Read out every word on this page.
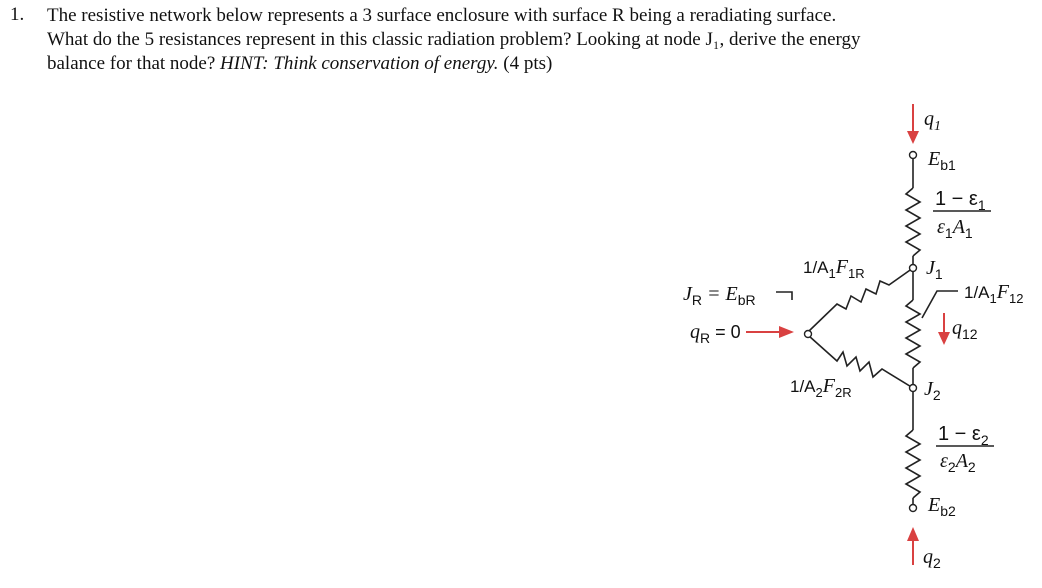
1. The resistive network below represents a 3 surface enclosure with surface R being a reradiating surface.
What do the 5 resistances represent in this classic radiation problem? Looking at node J₁, derive the energy
balance for that node? HINT: Think conservation of energy. (4 pts)
$q_1$
$E_{b1}$
$1 - \varepsilon_1$
$\varepsilon_1A_1$
$J_1$
$1/A_1F_{12}$
$q_{12}$
$1/A_1F_{1R}$
$J_R = E_{bR}$
$q_R = 0$
$1/A_2F_{2R}$	$J_2$
$1 - \varepsilon_2$
$\varepsilon_2A_2$
$E_{b2}$
$q_2$
